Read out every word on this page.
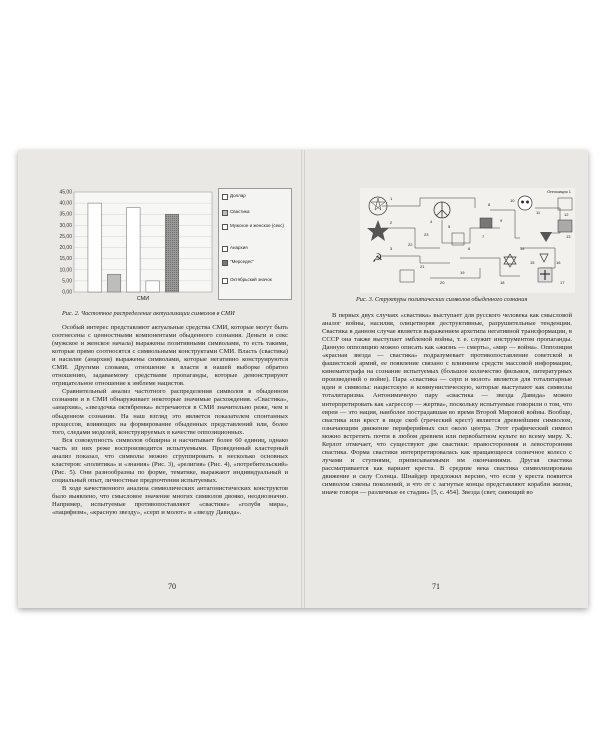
0,00
5,00
10,00
15,00
20,00
25,00
30,00
35,00
40,00
45,00
СМИ
Доллар
Свастика
Мужское и женское (секс)
Анархия
"Мерседес"
Октябрьский значок
Рис. 2. Частотное распределение актуализации символов в СМИ

Особый интерес представляют актуальные средства СМИ, которые могут быть соотнесены с ценностными компонентами обыденного сознания. Деньги и секс (мужское и женское начала) выражены позитивными символами, то есть такими, которые прямо соотносятся с символьными конструктами СМИ. Власть (свастика) и насилие (анархия) выражены символами, которые негативно конструируются СМИ. Другими словами, отношение к власти в нашей выборке обратно отношению, задаваемому средствами пропаганды, которые демонстрируют отрицательное отношение к эмблеме нацистов.

Сравнительный анализ частотного распределения символов в обыденном сознании и в СМИ обнаруживает некоторые значимые расхождения. «Свастика», «анархия», «звездочка октябренка» встречаются в СМИ значительно реже, чем в обыденном сознании. На наш взгляд это является показателем спонтанных процессов, влияющих на формирование обыденных представлений или, более того, следами моделей, конструируемых в качестве оппозиционных.

Вся совокупность символов обширна и насчитывает более 60 единиц, однако часть из них реже воспроизводится испытуемыми. Проведенный кластерный анализ показал, что символы можно сгруппировать в несколько основных кластеров: «политика» и «знания» (Рис. 3), «религия» (Рис. 4), «потребительский» (Рис. 5). Они разнообразны по форме, тематике, выражают индивидуальный и социальный опыт, личностные предпочтения испытуемых.

В ходе качественного анализа символических антагонистических конструктов было выявлено, что смысловое значение многих символов двояко, неоднозначно. Например, испытуемые противопоставляют «свастике» «голубя мира», «пацифизм», «красную звезду», «серп и молот» и «звезду Давида».

70
Оппозиция 1
☭
1
2
3
4
5
6
7
8
9
10
11	12
13
14
15	16
17
18
19
20
21
22
23
Рис. 3. Структуры политических символов обыденного сознания

В первых двух случаях «свастика» выступает для русского человека как смысловой аналог войны, насилия, олицетворяя деструктивные, разрушительные тенденции. Свастика в данном случае является выражением архетипа негативной трансформации, в СССР она также выступает эмблемой войны, т. е. служит инструментом пропаганды. Данную оппозицию можно описать как «жизнь — смерть», «мир — война». Оппозиция «красная звезда — свастика» подразумевает противопоставление советской и фашистской армий, ее появление связано с влиянием средств массовой информации, кинематографа на сознание испытуемых (большое количество фильмов, литературных произведений о войне). Пара «свастика — серп и молот» является для тоталитарные идеи и символы: нацистскую и коммунистическую, которые выступают как символы тоталитаризма. Антонимичную пару «свастика — звезда Давида» можно интерпретировать как «агрессор — жертва», поскольку испытуемые говорили о том, что евреи — это нация, наиболее пострадавшая во время Второй Мировой войны. Вообще, свастика или крест в виде скоб (греческий крест) является древнейшим символом, означающим движение периферийных сил около центра. Этот графический символ можно встретить почти в любом древнем или первобытном культе во всему миру. Х. Керлот отмечает, что существуют две свастики: правосторонняя и левосторонняя свастика. Форма свастики интерпретировалась как вращающееся солнечное колесо с лучами и ступнями, приписываемыми им окончаниями. Другая свастика рассматривается как вариант креста. В средние века свастика символизирована движение и силу Солнца. Шнайдер предложил версию, что если у креста появится символом смены поколений, и что от с загнутые концы представляют корабли жизни, иначе говоря — различные ее стадии» [5, с. 454]. Звезда (свет, сияющий во

71
